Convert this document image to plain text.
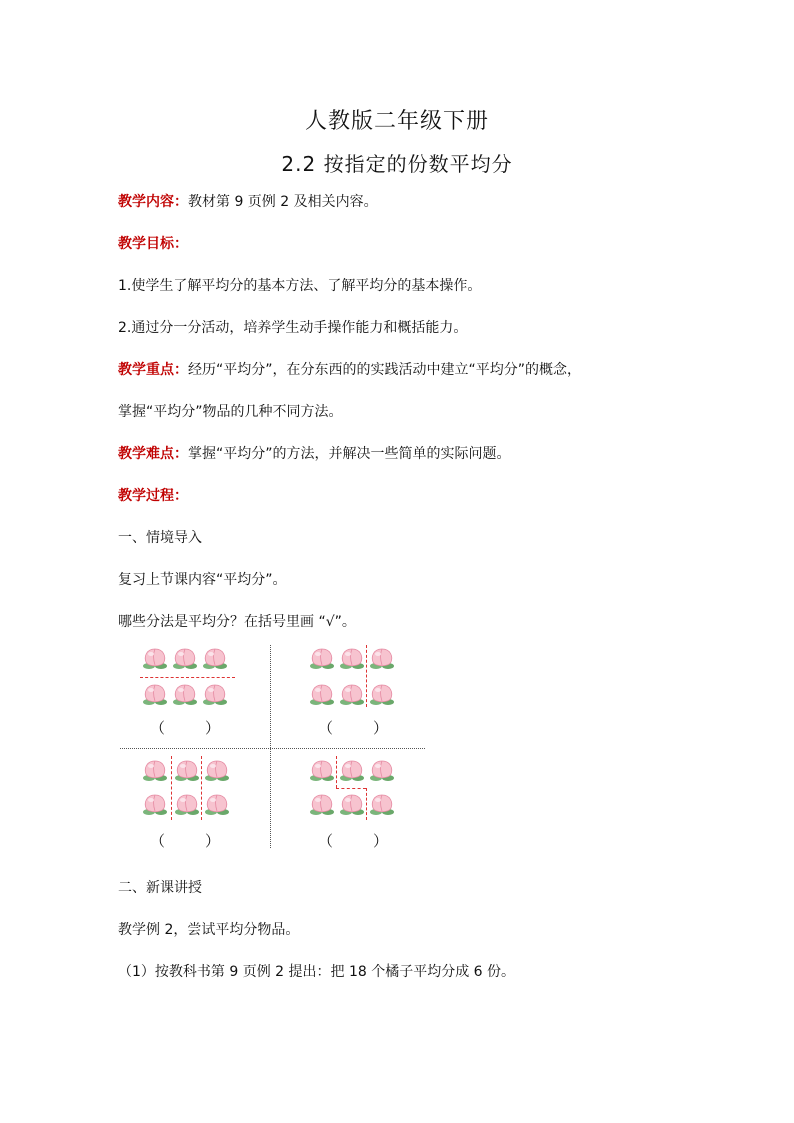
人教版二年级下册
2.2 按指定的份数平均分
教学内容：教材第 9 页例 2 及相关内容。
教学目标：
1.使学生了解平均分的基本方法、了解平均分的基本操作。
2.通过分一分活动，培养学生动手操作能力和概括能力。
教学重点：经历“平均分”，在分东西的的实践活动中建立“平均分”的概念，
掌握“平均分”物品的几种不同方法。
教学难点：掌握“平均分”的方法，并解决一些简单的实际问题。
教学过程：
一、情境导入
复习上节课内容“平均分”。
哪些分法是平均分？在括号里画 “√”。
（	）	（	）
（	）	（	）
二、新课讲授
教学例 2，尝试平均分物品。
（1）按教科书第 9 页例 2 提出：把 18 个橘子平均分成 6 份。
